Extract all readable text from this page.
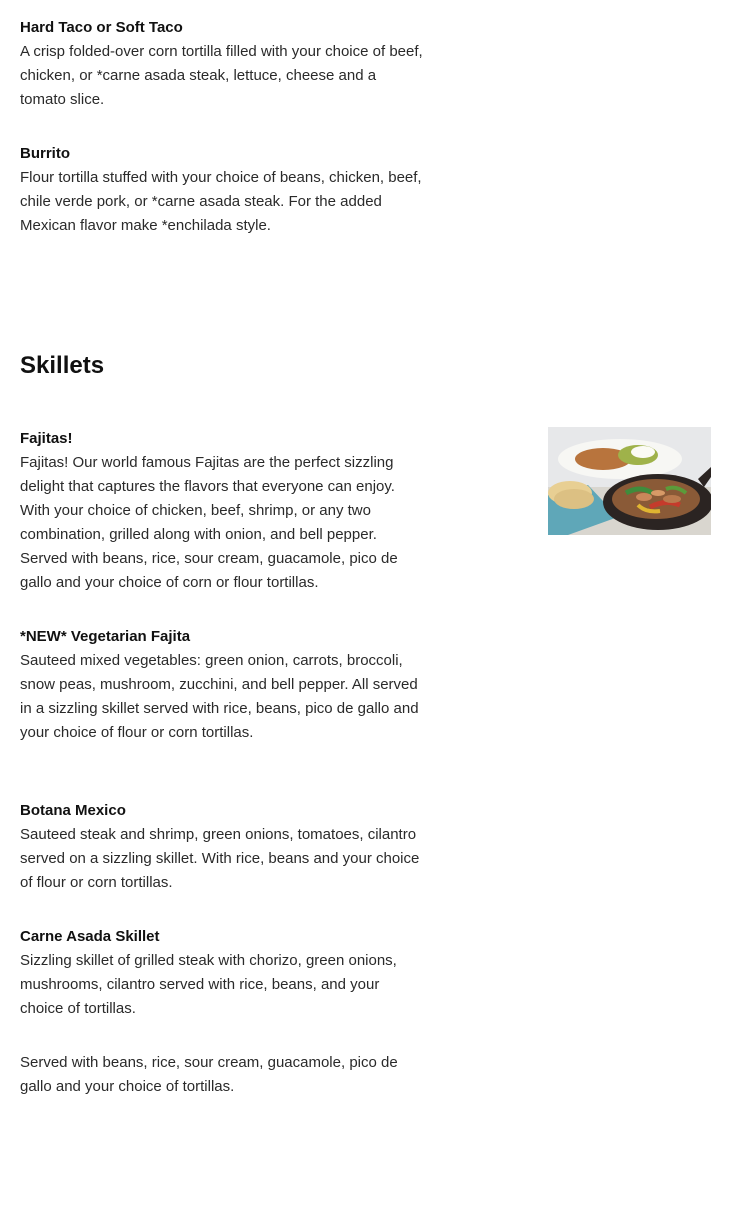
Hard Taco or Soft Taco

A crisp folded-over corn tortilla filled with your choice of beef, chicken, or *carne asada steak, lettuce, cheese and a tomato slice.

Burrito

Flour tortilla stuffed with your choice of beans, chicken, beef, chile verde pork, or *carne asada steak. For the added Mexican flavor make *enchilada style.

Skillets

Fajitas!

Fajitas! Our world famous Fajitas are the perfect sizzling delight that captures the flavors that everyone can enjoy. With your choice of chicken, beef, shrimp, or any two combination, grilled along with onion, and bell pepper. Served with beans, rice, sour cream, guacamole, pico de gallo and your choice of corn or flour tortillas.

*NEW* Vegetarian Fajita

Sauteed mixed vegetables: green onion, carrots, broccoli, snow peas, mushroom, zucchini, and bell pepper. All served in a sizzling skillet served with rice, beans, pico de gallo and your choice of flour or corn tortillas.

Botana Mexico

Sauteed steak and shrimp, green onions, tomatoes, cilantro served on a sizzling skillet. With rice, beans and your choice of flour or corn tortillas.

Carne Asada Skillet

Sizzling skillet of grilled steak with chorizo, green onions, mushrooms, cilantro served with rice, beans, and your choice of tortillas.

Served with beans, rice, sour cream, guacamole, pico de gallo and your choice of tortillas.
